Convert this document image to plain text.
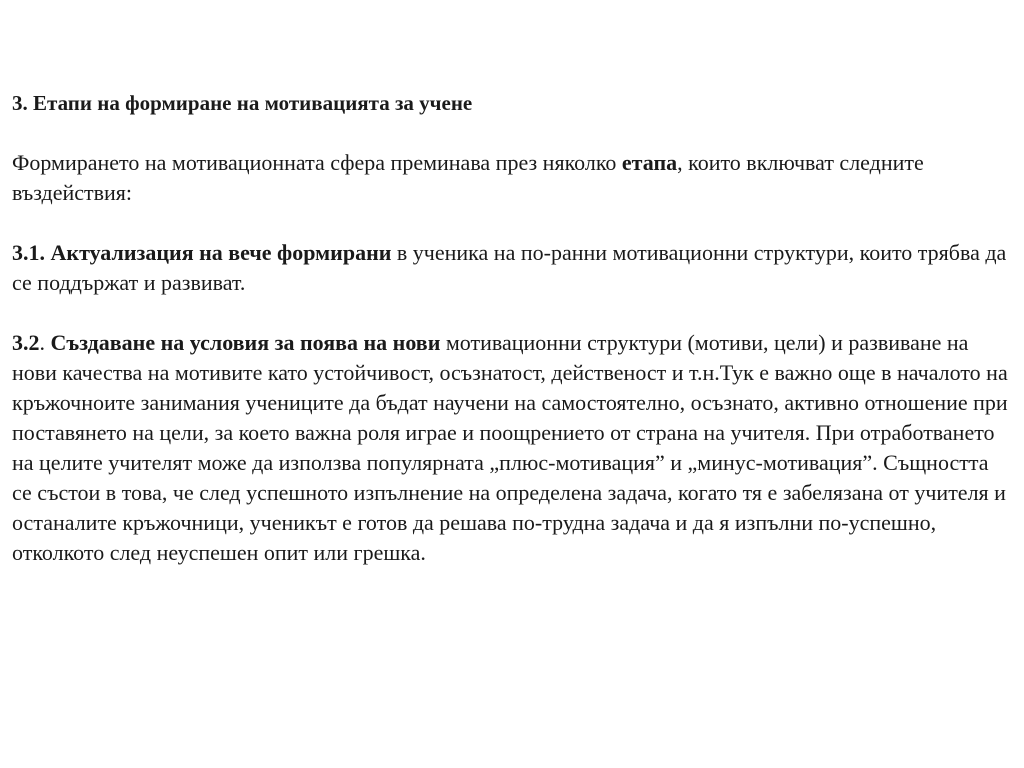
3. Етапи на формиране на мотивацията за учене

Формирането на мотивационната сфера преминава през няколко етапа, които включват следните въздействия:

3.1. Актуализация на вече формирани в ученика на по-ранни мотивационни структури, които трябва да се поддържат и развиват.

3.2. Създаване на условия за поява на нови мотивационни структури (мотиви, цели) и развиване на нови качества на мотивите като устойчивост, осъзнатост, действеност и т.н.Тук е важно още в началото на кръжочноите занимания учениците да бъдат научени на самостоятелно, осъзнато, активно отношение при поставянето на цели, за което важна роля играе и поощрението от страна на учителя. При отработването на целите учителят може да използва популярната „плюс-мотивация” и „минус-мотивация”. Същността се състои в това, че след успешното изпълнение на определена задача, когато тя е забелязана от учителя и останалите кръжочници, ученикът е готов да решава по-трудна задача и да я изпълни по-успешно, отколкото след неуспешен опит или грешка.
